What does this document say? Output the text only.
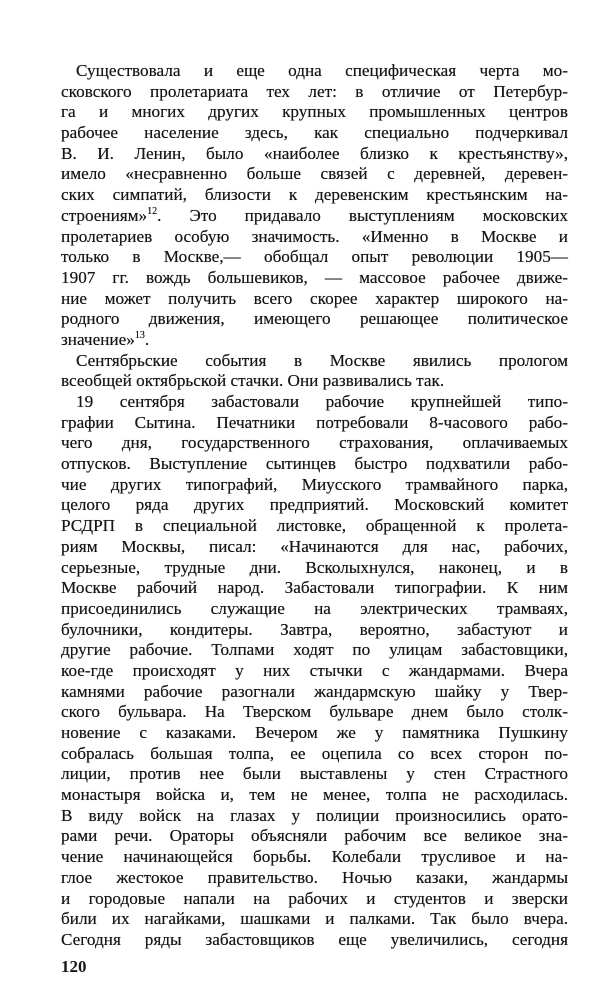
Существовала и еще одна специфическая черта мо-
сковского пролетариата тех лет: в отличие от Петербур-
га и многих других крупных промышленных центров
рабочее население здесь, как специально подчеркивал
В. И. Ленин, было «наиболее близко к крестьянству»,
имело «несравненно больше связей с деревней, деревен-
ских симпатий, близости к деревенским крестьянским на-
строениям»$^{12}$. Это придавало выступлениям московских
пролетариев особую значимость. «Именно в Москве и
только в Москве,— обобщал опыт революции 1905—
1907 гг. вождь большевиков, — массовое рабочее движе-
ние может получить всего скорее характер широкого на-
родного движения, имеющего решающее политическое
значение»$^{13}$.
Сентябрьские события в Москве явились прологом
всеобщей октябрьской стачки. Они развивались так.
19 сентября забастовали рабочие крупнейшей типо-
графии Сытина. Печатники потребовали 8-часового рабо-
чего дня, государственного страхования, оплачиваемых
отпусков. Выступление сытинцев быстро подхватили рабо-
чие других типографий, Миусского трамвайного парка,
целого ряда других предприятий. Московский комитет
РСДРП в специальной листовке, обращенной к пролета-
риям Москвы, писал: «Начинаются для нас, рабочих,
серьезные, трудные дни. Всколыхнулся, наконец, и в
Москве рабочий народ. Забастовали типографии. К ним
присоединились служащие на электрических трамваях,
булочники, кондитеры. Завтра, вероятно, забастуют и
другие рабочие. Толпами ходят по улицам забастовщики,
кое-где происходят у них стычки с жандармами. Вчера
камнями рабочие разогнали жандармскую шайку у Твер-
ского бульвара. На Тверском бульваре днем было столк-
новение с казаками. Вечером же у памятника Пушкину
собралась большая толпа, ее оцепила со всех сторон по-
лиции, против нее были выставлены у стен Страстного
монастыря войска и, тем не менее, толпа не расходилась.
В виду войск на глазах у полиции произносились орато-
рами речи. Ораторы объясняли рабочим все великое зна-
чение начинающейся борьбы. Колебали трусливое и на-
глое жестокое правительство. Ночью казаки, жандармы
и городовые напали на рабочих и студентов и зверски
били их нагайками, шашками и палками. Так было вчера.
Сегодня ряды забастовщиков еще увеличились, сегодня
120
